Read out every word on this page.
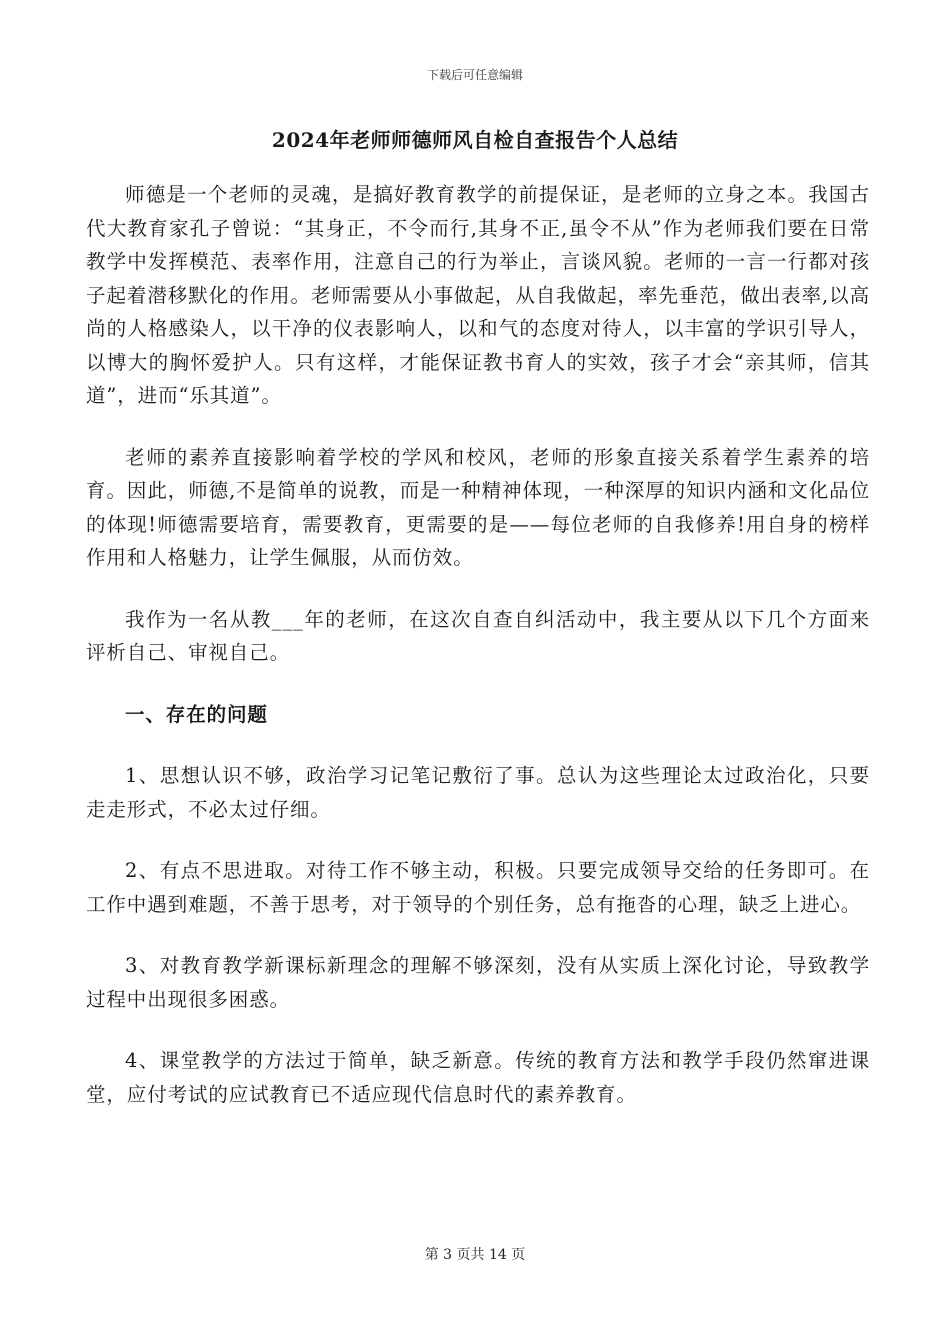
下载后可任意编辑
2024年老师师德师风自检自查报告个人总结

师德是一个老师的灵魂，是搞好教育教学的前提保证，是老师的立身之本。我国古代大教育家孔子曾说：“其身正，不令而行,其身不正,虽令不从”作为老师我们要在日常教学中发挥模范、表率作用，注意自己的行为举止，言谈风貌。老师的一言一行都对孩子起着潜移默化的作用。老师需要从小事做起，从自我做起，率先垂范，做出表率,以高尚的人格感染人，以干净的仪表影响人，以和气的态度对待人，以丰富的学识引导人，以博大的胸怀爱护人。只有这样，才能保证教书育人的实效，孩子才会“亲其师，信其道”，进而“乐其道”。

老师的素养直接影响着学校的学风和校风，老师的形象直接关系着学生素养的培育。因此，师德,不是简单的说教，而是一种精神体现，一种深厚的知识内涵和文化品位的体现!师德需要培育，需要教育，更需要的是——每位老师的自我修养!用自身的榜样作用和人格魅力，让学生佩服，从而仿效。

我作为一名从教___年的老师，在这次自查自纠活动中，我主要从以下几个方面来评析自己、审视自己。

一、存在的问题

1、思想认识不够，政治学习记笔记敷衍了事。总认为这些理论太过政治化，只要走走形式，不必太过仔细。

2、有点不思进取。对待工作不够主动，积极。只要完成领导交给的任务即可。在工作中遇到难题，不善于思考，对于领导的个别任务，总有拖沓的心理，缺乏上进心。

3、对教育教学新课标新理念的理解不够深刻，没有从实质上深化讨论，导致教学过程中出现很多困惑。

4、课堂教学的方法过于简单，缺乏新意。传统的教育方法和教学手段仍然窜进课堂，应付考试的应试教育已不适应现代信息时代的素养教育。

第 3 页共 14 页
